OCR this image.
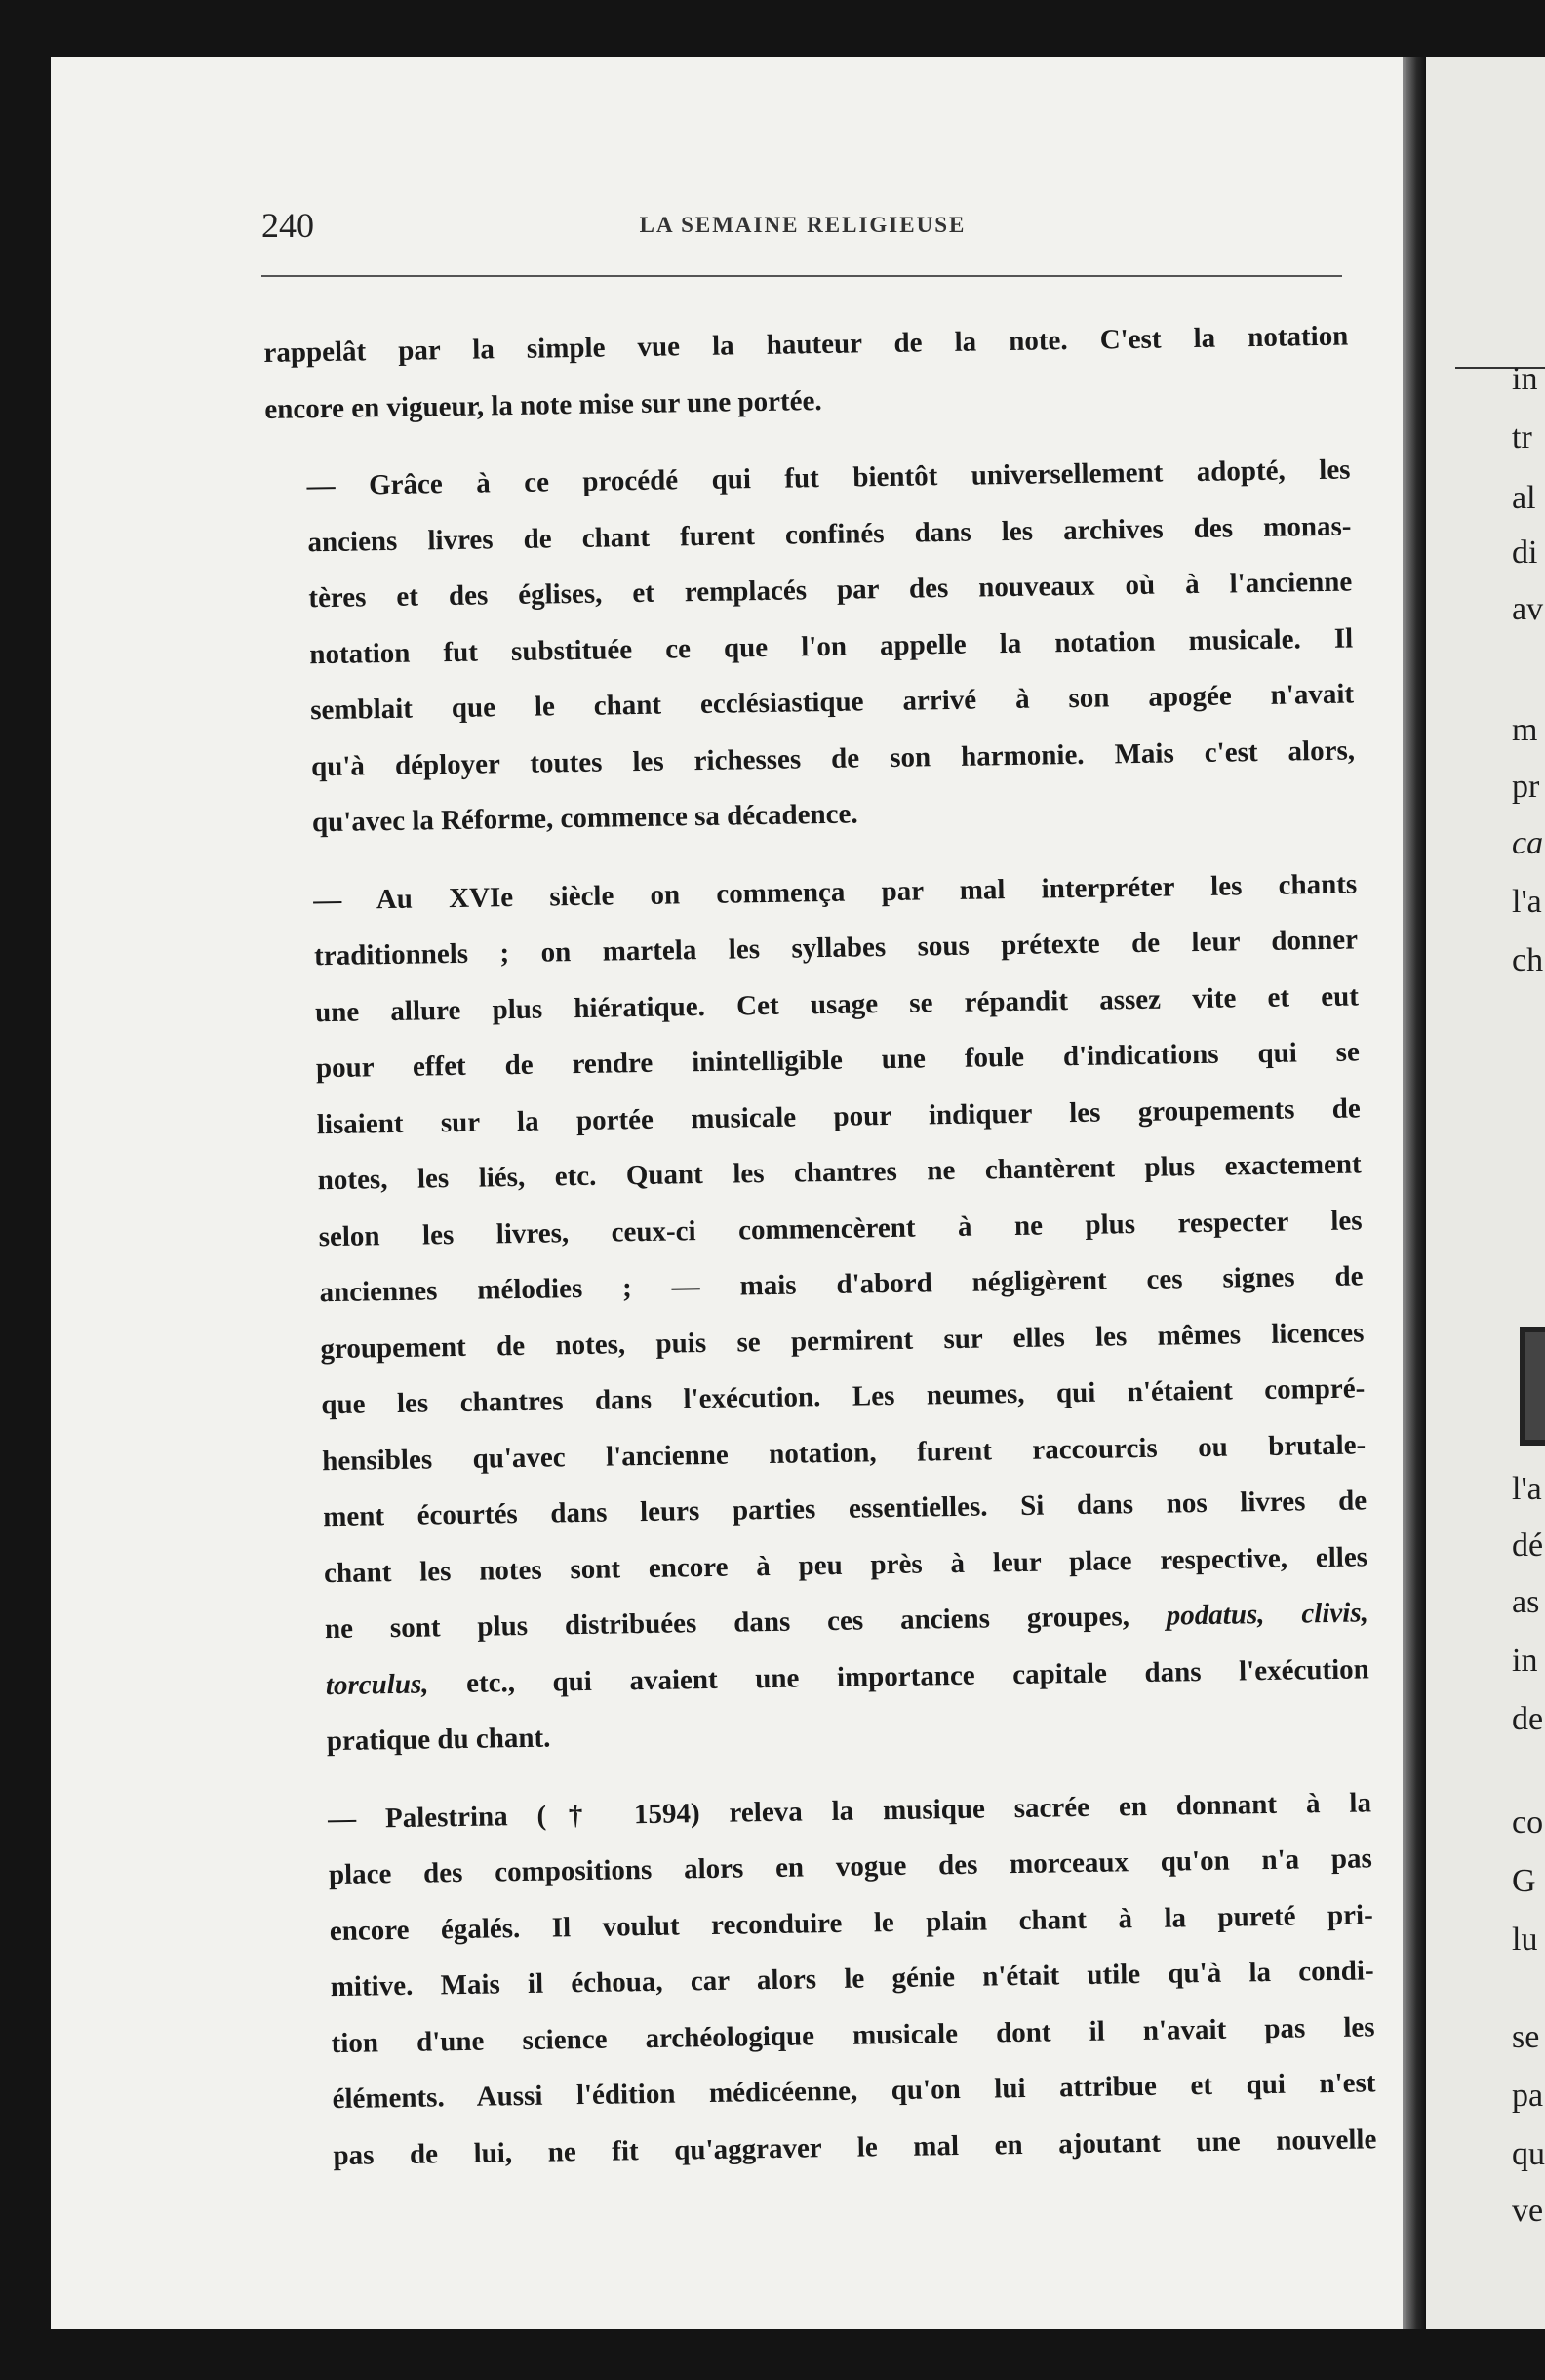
in
tr
al
di
av
m
pr
ca
l'a
ch
l'a
dé
as
in
de
co
G
lu
se
pa
qu
ve
240	LA SEMAINE RELIGIEUSE
rappelât par la simple vue la hauteur de la note. C'est la notation
encore en vigueur, la note mise sur une portée.
— Grâce à ce procédé qui fut bientôt universellement adopté, les
anciens livres de chant furent confinés dans les archives des monas-
tères et des églises, et remplacés par des nouveaux où à l'ancienne
notation fut substituée ce que l'on appelle la notation musicale. Il
semblait que le chant ecclésiastique arrivé à son apogée n'avait
qu'à déployer toutes les richesses de son harmonie. Mais c'est alors,
qu'avec la Réforme, commence sa décadence.
— Au XVIe siècle on commença par mal interpréter les chants
traditionnels ; on martela les syllabes sous prétexte de leur donner
une allure plus hiératique. Cet usage se répandit assez vite et eut
pour effet de rendre inintelligible une foule d'indications qui se
lisaient sur la portée musicale pour indiquer les groupements de
notes, les liés, etc. Quant les chantres ne chantèrent plus exactement
selon les livres, ceux-ci commencèrent à ne plus respecter les
anciennes mélodies ; — mais d'abord négligèrent ces signes de
groupement de notes, puis se permirent sur elles les mêmes licences
que les chantres dans l'exécution. Les neumes, qui n'étaient compré-
hensibles qu'avec l'ancienne notation, furent raccourcis ou brutale-
ment écourtés dans leurs parties essentielles. Si dans nos livres de
chant les notes sont encore à peu près à leur place respective, elles
ne sont plus distribuées dans ces anciens groupes, podatus, clivis,
torculus, etc., qui avaient une importance capitale dans l'exécution
pratique du chant.
— Palestrina († 1594) releva la musique sacrée en donnant à la
place des compositions alors en vogue des morceaux qu'on n'a pas
encore égalés. Il voulut reconduire le plain chant à la pureté pri-
mitive. Mais il échoua, car alors le génie n'était utile qu'à la condi-
tion d'une science archéologique musicale dont il n'avait pas les
éléments. Aussi l'édition médicéenne, qu'on lui attribue et qui n'est
pas de lui, ne fit qu'aggraver le mal en ajoutant une nouvelle
